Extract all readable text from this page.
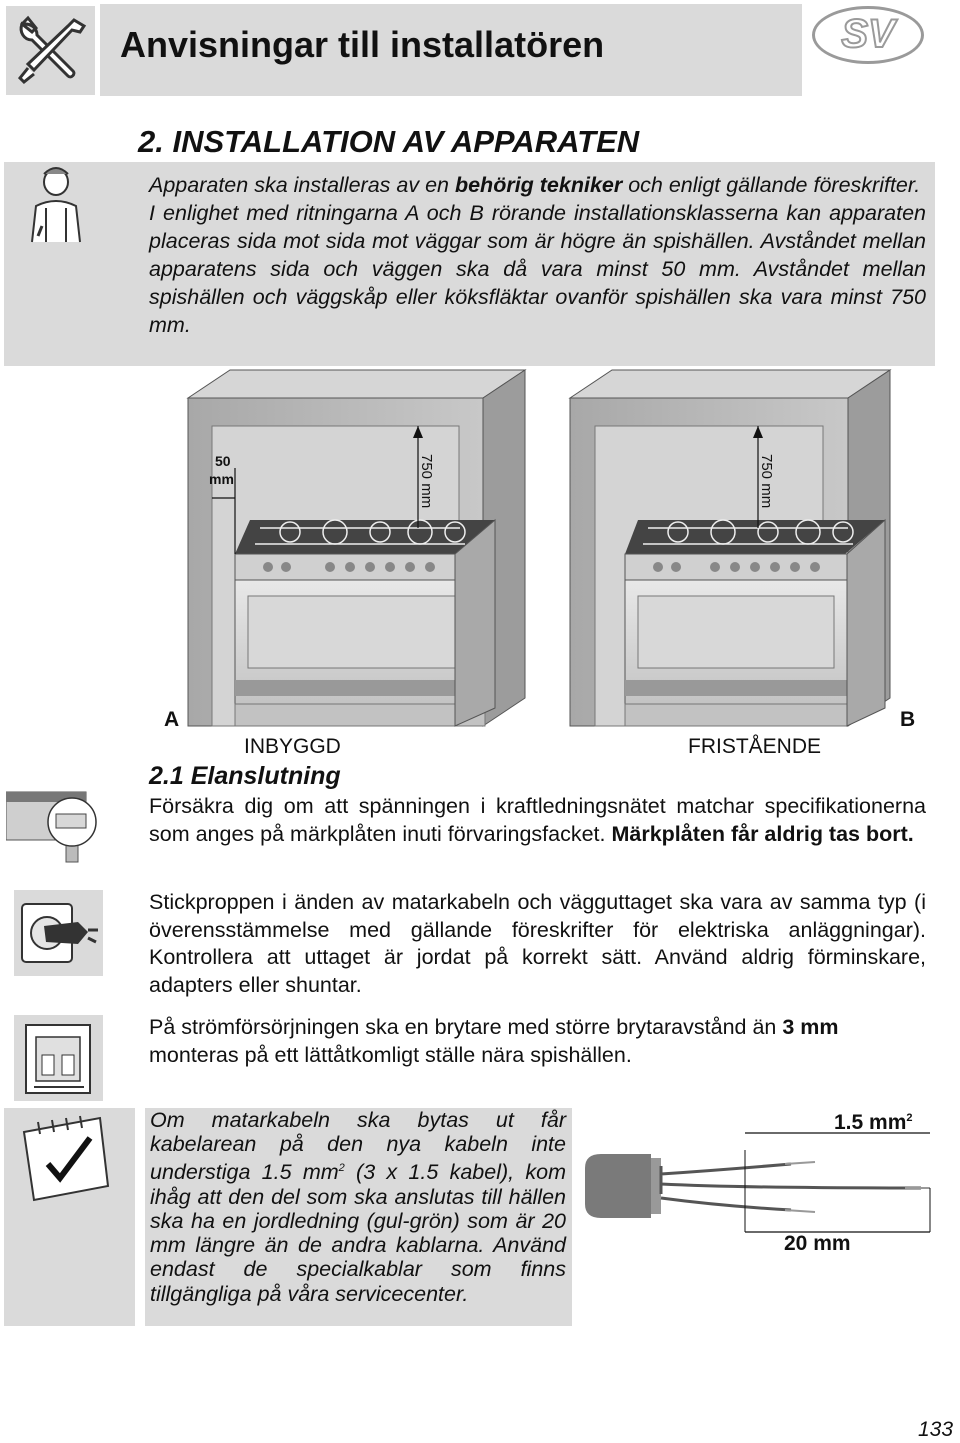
Anvisningar till installatören	SV
2. INSTALLATION AV APPARATEN
Apparaten ska installeras av en behörig tekniker och enligt gällande föreskrifter.
I enlighet med ritningarna A och B rörande installationsklasserna kan apparaten placeras sida mot sida mot väggar som är högre än spishällen. Avståndet mellan apparatens sida och väggen ska då vara minst 50 mm. Avståndet mellan spishällen och väggskåp eller köksfläktar ovanför spishällen ska vara minst 750 mm.
50
mm	750 mm	750 mm
A	B
INBYGGD	FRISTÅENDE
2.1 Elanslutning
Försäkra dig om att spänningen i kraftledningsnätet matchar specifikationerna som anges på märkplåten inuti förvaringsfacket. Märkplåten får aldrig tas bort.
Stickproppen i änden av matarkabeln och vägguttaget ska vara av samma typ (i överensstämmelse med gällande föreskrifter för elektriska anläggningar). Kontrollera att uttaget är jordat på korrekt sätt. Använd aldrig förminskare, adapters eller shuntar.
På strömförsörjningen ska en brytare med större brytaravstånd än 3 mm monteras på ett lättåtkomligt ställe nära spishällen.
Om matarkabeln ska bytas ut får kabelarean på den nya kabeln inte understiga 1.5 $mm^2$ (3 x 1.5 kabel), kom ihåg att den del som ska anslutas till hällen ska ha en jordledning (gul-grön) som är 20 mm längre än de andra kablarna. Använd endast de specialkablar som finns tillgängliga på våra servicecenter.
1.5 $mm^2$
20 mm
133
